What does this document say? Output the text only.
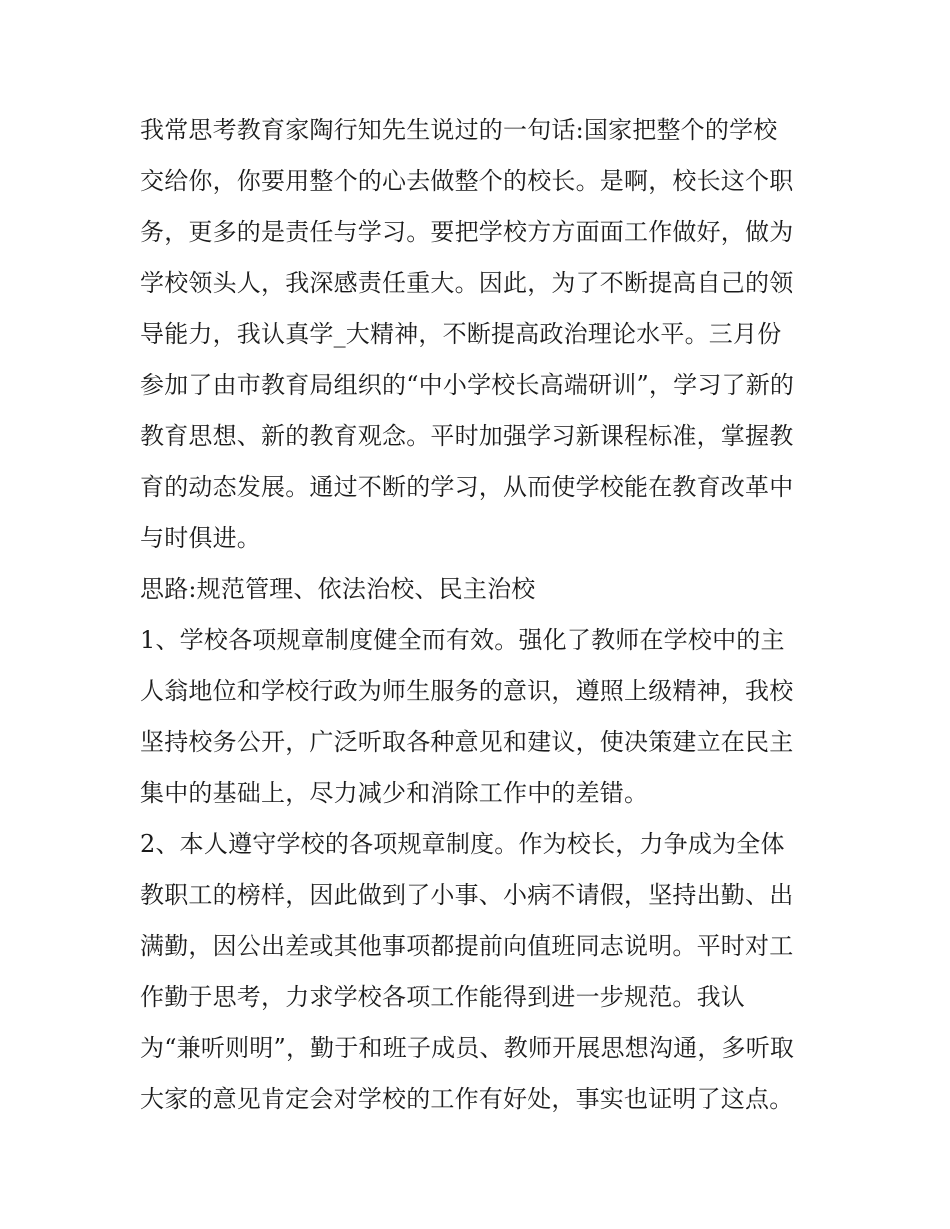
我常思考教育家陶行知先生说过的一句话:国家把整个的学校
交给你，你要用整个的心去做整个的校长。是啊，校长这个职
务，更多的是责任与学习。要把学校方方面面工作做好，做为
学校领头人，我深感责任重大。因此，为了不断提高自己的领
导能力，我认真学_大精神，不断提高政治理论水平。三月份
参加了由市教育局组织的“中小学校长高端研训”，学习了新的
教育思想、新的教育观念。平时加强学习新课程标准，掌握教
育的动态发展。通过不断的学习，从而使学校能在教育改革中
与时俱进。
思路:规范管理、依法治校、民主治校
1、学校各项规章制度健全而有效。强化了教师在学校中的主
人翁地位和学校行政为师生服务的意识，遵照上级精神，我校
坚持校务公开，广泛听取各种意见和建议，使决策建立在民主
集中的基础上，尽力减少和消除工作中的差错。
2、本人遵守学校的各项规章制度。作为校长，力争成为全体
教职工的榜样，因此做到了小事、小病不请假，坚持出勤、出
满勤，因公出差或其他事项都提前向值班同志说明。平时对工
作勤于思考，力求学校各项工作能得到进一步规范。我认
为“兼听则明”，勤于和班子成员、教师开展思想沟通，多听取
大家的意见肯定会对学校的工作有好处，事实也证明了这点。
